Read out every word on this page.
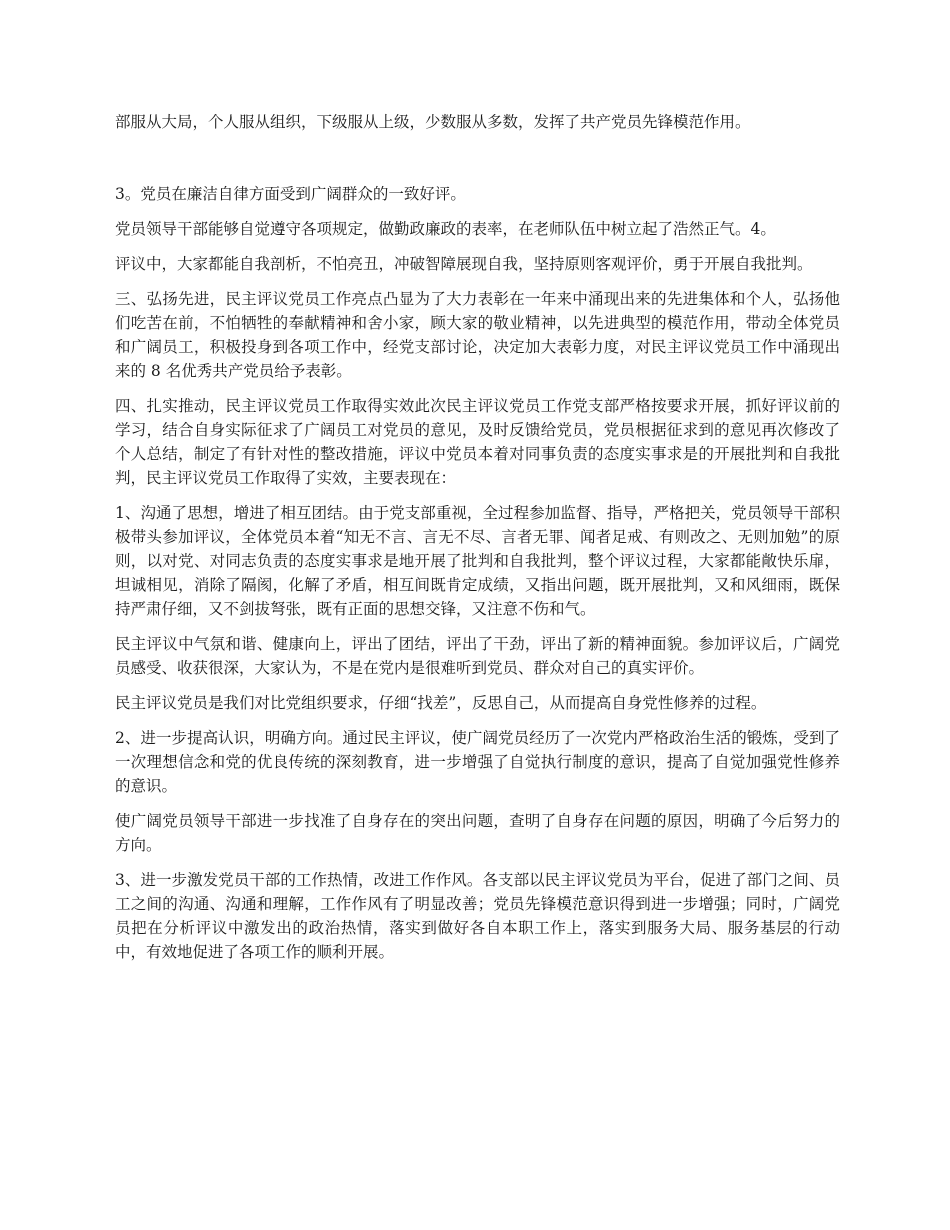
部服从大局，个人服从组织，下级服从上级，少数服从多数，发挥了共产党员先锋模范作用。

3。党员在廉洁自律方面受到广阔群众的一致好评。

党员领导干部能够自觉遵守各项规定，做勤政廉政的表率，在老师队伍中树立起了浩然正气。4。

评议中，大家都能自我剖析，不怕亮丑，冲破智障展现自我，坚持原则客观评价，勇于开展自我批判。

三、弘扬先进，民主评议党员工作亮点凸显为了大力表彰在一年来中涌现出来的先进集体和个人，弘扬他们吃苦在前，不怕牺牲的奉献精神和舍小家，顾大家的敬业精神，以先进典型的模范作用，带动全体党员和广阔员工，积极投身到各项工作中，经党支部讨论，决定加大表彰力度，对民主评议党员工作中涌现出来的 8 名优秀共产党员给予表彰。

四、扎实推动，民主评议党员工作取得实效此次民主评议党员工作党支部严格按要求开展，抓好评议前的学习，结合自身实际征求了广阔员工对党员的意见，及时反馈给党员，党员根据征求到的意见再次修改了个人总结，制定了有针对性的整改措施，评议中党员本着对同事负责的态度实事求是的开展批判和自我批判，民主评议党员工作取得了实效，主要表现在：

1、沟通了思想，增进了相互团结。由于党支部重视，全过程参加监督、指导，严格把关，党员领导干部积极带头参加评议，全体党员本着“知无不言、言无不尽、言者无罪、闻者足戒、有则改之、无则加勉”的原则，以对党、对同志负责的态度实事求是地开展了批判和自我批判，整个评议过程，大家都能敞快乐扉，坦诚相见，消除了隔阂，化解了矛盾，相互间既肯定成绩，又指出问题，既开展批判，又和风细雨，既保持严肃仔细，又不剑拔弩张，既有正面的思想交锋，又注意不伤和气。

民主评议中气氛和谐、健康向上，评出了团结，评出了干劲，评出了新的精神面貌。参加评议后，广阔党员感受、收获很深，大家认为，不是在党内是很难听到党员、群众对自己的真实评价。

民主评议党员是我们对比党组织要求，仔细“找差”，反思自己，从而提高自身党性修养的过程。

2、进一步提高认识，明确方向。通过民主评议，使广阔党员经历了一次党内严格政治生活的锻炼，受到了一次理想信念和党的优良传统的深刻教育，进一步增强了自觉执行制度的意识，提高了自觉加强党性修养的意识。

使广阔党员领导干部进一步找准了自身存在的突出问题，查明了自身存在问题的原因，明确了今后努力的方向。

3、进一步激发党员干部的工作热情，改进工作作风。各支部以民主评议党员为平台，促进了部门之间、员工之间的沟通、沟通和理解，工作作风有了明显改善；党员先锋模范意识得到进一步增强；同时，广阔党员把在分析评议中激发出的政治热情，落实到做好各自本职工作上，落实到服务大局、服务基层的行动中，有效地促进了各项工作的顺利开展。
